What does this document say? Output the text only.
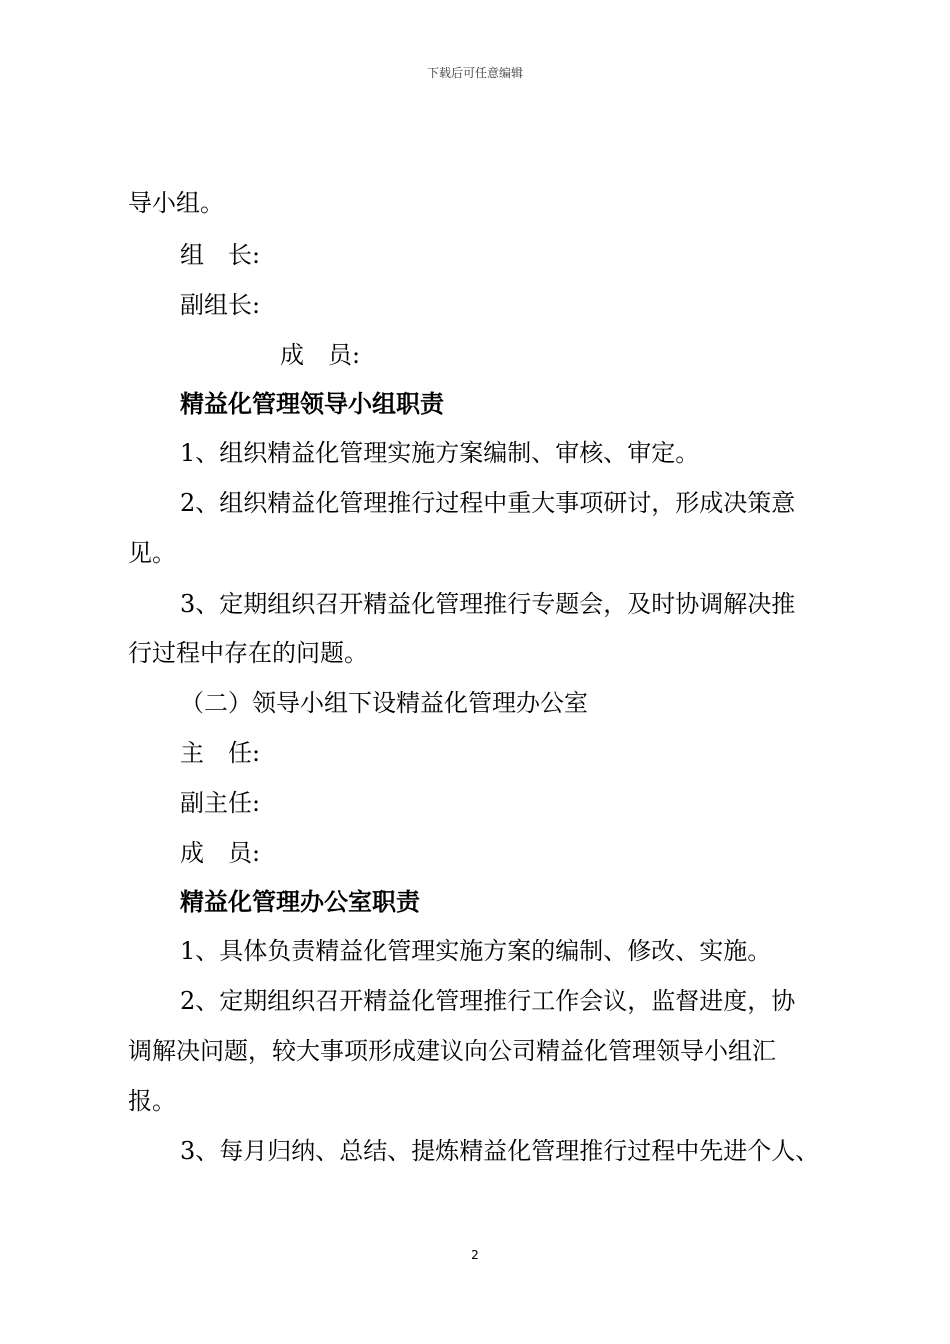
下载后可任意编辑
导小组。
组　长:
副组长:
成　员:
精益化管理领导小组职责
1、组织精益化管理实施方案编制、审核、审定。
2、组织精益化管理推行过程中重大事项研讨，形成决策意
见。
3、定期组织召开精益化管理推行专题会，及时协调解决推
行过程中存在的问题。
（二）领导小组下设精益化管理办公室
主　任:
副主任:
成　员:
精益化管理办公室职责
1、具体负责精益化管理实施方案的编制、修改、实施。
2、定期组织召开精益化管理推行工作会议，监督进度，协
调解决问题，较大事项形成建议向公司精益化管理领导小组汇
报。
3、每月归纳、总结、提炼精益化管理推行过程中先进个人、
2
